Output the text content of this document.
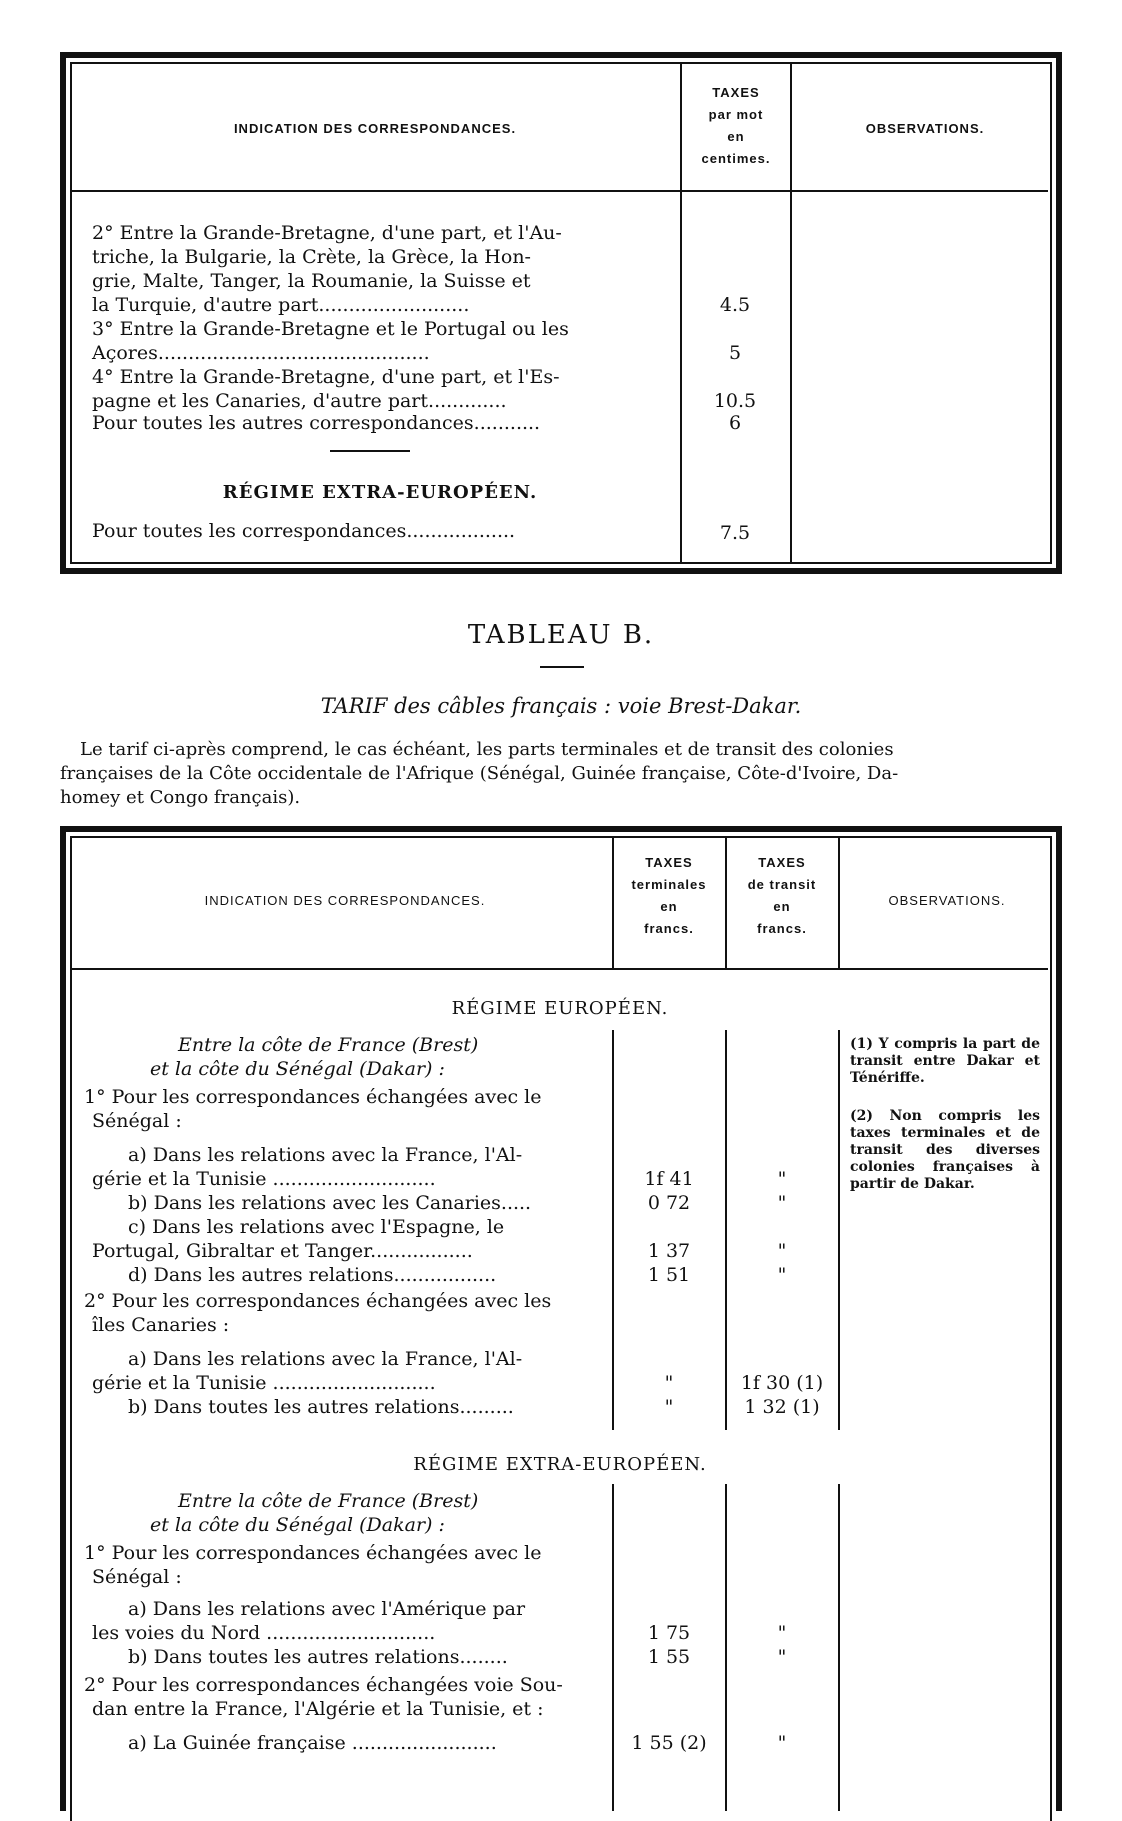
INDICATION DES CORRESPONDANCES.
TAXES
par mot
en
centimes.
OBSERVATIONS.
2° Entre la Grande-Bretagne, d'une part, et l'Au-
triche, la Bulgarie, la Crète, la Grèce, la Hon-
grie, Malte, Tanger, la Roumanie, la Suisse et
la Turquie, d'autre part.........................
3° Entre la Grande-Bretagne et le Portugal ou les
Açores.............................................
4° Entre la Grande-Bretagne, d'une part, et l'Es-
pagne et les Canaries, d'autre part.............
Pour toutes les autres correspondances...........
4.5
5
10.5
6
RÉGIME EXTRA-EUROPÉEN.
Pour toutes les correspondances..................	7.5
TABLEAU B.
TARIF des câbles français : voie Brest-Dakar.
Le tarif ci-après comprend, le cas échéant, les parts terminales et de transit des colonies
françaises de la Côte occidentale de l'Afrique (Sénégal, Guinée française, Côte-d'Ivoire, Da-
homey et Congo français).
INDICATION DES CORRESPONDANCES.
TAXES
terminales
en
francs.
TAXES
de transit
en
francs.
OBSERVATIONS.
RÉGIME EUROPÉEN.
Entre la côte de France (Brest)
et la côte du Sénégal (Dakar) :
1° Pour les correspondances échangées avec le
Sénégal :
a) Dans les relations avec la France, l'Al-
gérie et la Tunisie ...........................
b) Dans les relations avec les Canaries.....
c) Dans les relations avec l'Espagne, le
Portugal, Gibraltar et Tanger.................
d) Dans les autres relations.................
2° Pour les correspondances échangées avec les
îles Canaries :
a) Dans les relations avec la France, l'Al-
gérie et la Tunisie ...........................
b) Dans toutes les autres relations.........
1f 41
0 72
1 37
1 51
"
"
"
"
"
"
1f 30 (1)
1 32 (1)
(1) Y compris la part de transit entre Dakar et Ténériffe.
(2) Non compris les taxes terminales et de transit des diverses colonies françaises à partir de Dakar.
RÉGIME EXTRA-EUROPÉEN.
Entre la côte de France (Brest)
et la côte du Sénégal (Dakar) :
1° Pour les correspondances échangées avec le
Sénégal :
a) Dans les relations avec l'Amérique par
les voies du Nord ............................
b) Dans toutes les autres relations........
2° Pour les correspondances échangées voie Sou-
dan entre la France, l'Algérie et la Tunisie, et :
a) La Guinée française ........................
1 75
1 55
1 55 (2)
"
"
"
